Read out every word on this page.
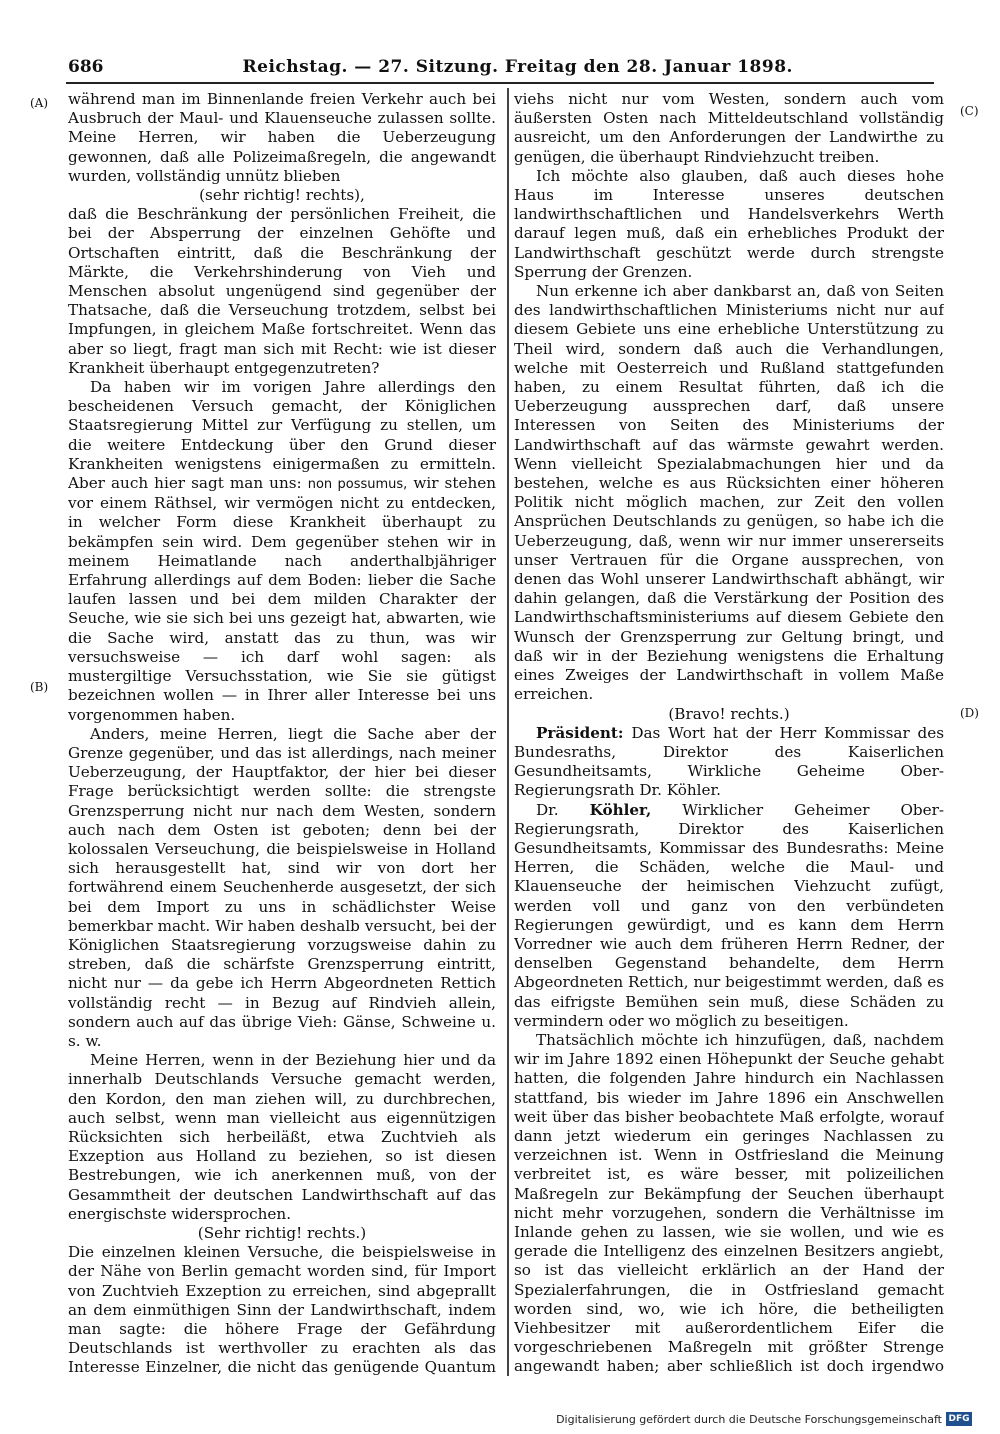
686	Reichstag. — 27. Sitzung. Freitag den 28. Januar 1898.
(A)
(B)
(C)
(D)

während man im Binnenlande freien Verkehr auch bei Ausbruch der Maul- und Klauenseuche zulassen sollte. Meine Herren, wir haben die Ueberzeugung gewonnen, daß alle Polizeimaßregeln, die angewandt wurden, vollständig unnütz blieben

(sehr richtig! rechts),

daß die Beschränkung der persönlichen Freiheit, die bei der Absperrung der einzelnen Gehöfte und Ortschaften eintritt, daß die Beschränkung der Märkte, die Verkehrshinderung von Vieh und Menschen absolut ungenügend sind gegenüber der Thatsache, daß die Verseuchung trotzdem, selbst bei Impfungen, in gleichem Maße fortschreitet. Wenn das aber so liegt, fragt man sich mit Recht: wie ist dieser Krankheit überhaupt entgegenzutreten?

Da haben wir im vorigen Jahre allerdings den bescheidenen Versuch gemacht, der Königlichen Staatsregierung Mittel zur Verfügung zu stellen, um die weitere Entdeckung über den Grund dieser Krankheiten wenigstens einigermaßen zu ermitteln. Aber auch hier sagt man uns: non possumus, wir stehen vor einem Räthsel, wir vermögen nicht zu entdecken, in welcher Form diese Krankheit überhaupt zu bekämpfen sein wird. Dem gegenüber stehen wir in meinem Heimatlande nach anderthalbjähriger Erfahrung allerdings auf dem Boden: lieber die Sache laufen lassen und bei dem milden Charakter der Seuche, wie sie sich bei uns gezeigt hat, abwarten, wie die Sache wird, anstatt das zu thun, was wir versuchsweise — ich darf wohl sagen: als mustergiltige Versuchsstation, wie Sie sie gütigst bezeichnen wollen — in Ihrer aller Interesse bei uns vorgenommen haben.

Anders, meine Herren, liegt die Sache aber der Grenze gegenüber, und das ist allerdings, nach meiner Ueberzeugung, der Hauptfaktor, der hier bei dieser Frage berücksichtigt werden sollte: die strengste Grenzsperrung nicht nur nach dem Westen, sondern auch nach dem Osten ist geboten; denn bei der kolossalen Verseuchung, die beispielsweise in Holland sich herausgestellt hat, sind wir von dort her fortwährend einem Seuchenherde ausgesetzt, der sich bei dem Import zu uns in schädlichster Weise bemerkbar macht. Wir haben deshalb versucht, bei der Königlichen Staatsregierung vorzugsweise dahin zu streben, daß die schärfste Grenzsperrung eintritt, nicht nur — da gebe ich Herrn Abgeordneten Rettich vollständig recht — in Bezug auf Rindvieh allein, sondern auch auf das übrige Vieh: Gänse, Schweine u. s. w.

Meine Herren, wenn in der Beziehung hier und da innerhalb Deutschlands Versuche gemacht werden, den Kordon, den man ziehen will, zu durchbrechen, auch selbst, wenn man vielleicht aus eigennützigen Rücksichten sich herbeiläßt, etwa Zuchtvieh als Exzeption aus Holland zu beziehen, so ist diesen Bestrebungen, wie ich anerkennen muß, von der Gesammtheit der deutschen Landwirthschaft auf das energischste widersprochen.

(Sehr richtig! rechts.)

Die einzelnen kleinen Versuche, die beispielsweise in der Nähe von Berlin gemacht worden sind, für Import von Zuchtvieh Exzeption zu erreichen, sind abgeprallt an dem einmüthigen Sinn der Landwirthschaft, indem man sagte: die höhere Frage der Gefährdung Deutschlands ist werthvoller zu erachten als das Interesse Einzelner, die nicht das genügende Quantum

viehs nicht nur vom Westen, sondern auch vom äußersten Osten nach Mitteldeutschland vollständig ausreicht, um den Anforderungen der Landwirthe zu genügen, die überhaupt Rindviehzucht treiben.

Ich möchte also glauben, daß auch dieses hohe Haus im Interesse unseres deutschen landwirthschaftlichen und Handelsverkehrs Werth darauf legen muß, daß ein erhebliches Produkt der Landwirthschaft geschützt werde durch strengste Sperrung der Grenzen.

Nun erkenne ich aber dankbarst an, daß von Seiten des landwirthschaftlichen Ministeriums nicht nur auf diesem Gebiete uns eine erhebliche Unterstützung zu Theil wird, sondern daß auch die Verhandlungen, welche mit Oesterreich und Rußland stattgefunden haben, zu einem Resultat führten, daß ich die Ueberzeugung aussprechen darf, daß unsere Interessen von Seiten des Ministeriums der Landwirthschaft auf das wärmste gewahrt werden. Wenn vielleicht Spezialabmachungen hier und da bestehen, welche es aus Rücksichten einer höheren Politik nicht möglich machen, zur Zeit den vollen Ansprüchen Deutschlands zu genügen, so habe ich die Ueberzeugung, daß, wenn wir nur immer unsererseits unser Vertrauen für die Organe aussprechen, von denen das Wohl unserer Landwirthschaft abhängt, wir dahin gelangen, daß die Verstärkung der Position des Landwirthschaftsministeriums auf diesem Gebiete den Wunsch der Grenzsperrung zur Geltung bringt, und daß wir in der Beziehung wenigstens die Erhaltung eines Zweiges der Landwirthschaft in vollem Maße erreichen.

(Bravo! rechts.)

Präsident: Das Wort hat der Herr Kommissar des Bundesraths, Direktor des Kaiserlichen Gesundheitsamts, Wirkliche Geheime Ober-Regierungsrath Dr. Köhler.

Dr. Köhler, Wirklicher Geheimer Ober-Regierungsrath, Direktor des Kaiserlichen Gesundheitsamts, Kommissar des Bundesraths: Meine Herren, die Schäden, welche die Maul- und Klauenseuche der heimischen Viehzucht zufügt, werden voll und ganz von den verbündeten Regierungen gewürdigt, und es kann dem Herrn Vorredner wie auch dem früheren Herrn Redner, der denselben Gegenstand behandelte, dem Herrn Abgeordneten Rettich, nur beigestimmt werden, daß es das eifrigste Bemühen sein muß, diese Schäden zu vermindern oder wo möglich zu beseitigen.

Thatsächlich möchte ich hinzufügen, daß, nachdem wir im Jahre 1892 einen Höhepunkt der Seuche gehabt hatten, die folgenden Jahre hindurch ein Nachlassen stattfand, bis wieder im Jahre 1896 ein Anschwellen weit über das bisher beobachtete Maß erfolgte, worauf dann jetzt wiederum ein geringes Nachlassen zu verzeichnen ist. Wenn in Ostfriesland die Meinung verbreitet ist, es wäre besser, mit polizeilichen Maßregeln zur Bekämpfung der Seuchen überhaupt nicht mehr vorzugehen, sondern die Verhältnisse im Inlande gehen zu lassen, wie sie wollen, und wie es gerade die Intelligenz des einzelnen Besitzers angiebt, so ist das vielleicht erklärlich an der Hand der Spezialerfahrungen, die in Ostfriesland gemacht worden sind, wo, wie ich höre, die betheiligten Viehbesitzer mit außerordentlichem Eifer die vorgeschriebenen Maßregeln mit größter Strenge angewandt haben; aber schließlich ist doch irgendwo

Digitalisierung gefördert durch die Deutsche Forschungsgemeinschaft DFG
